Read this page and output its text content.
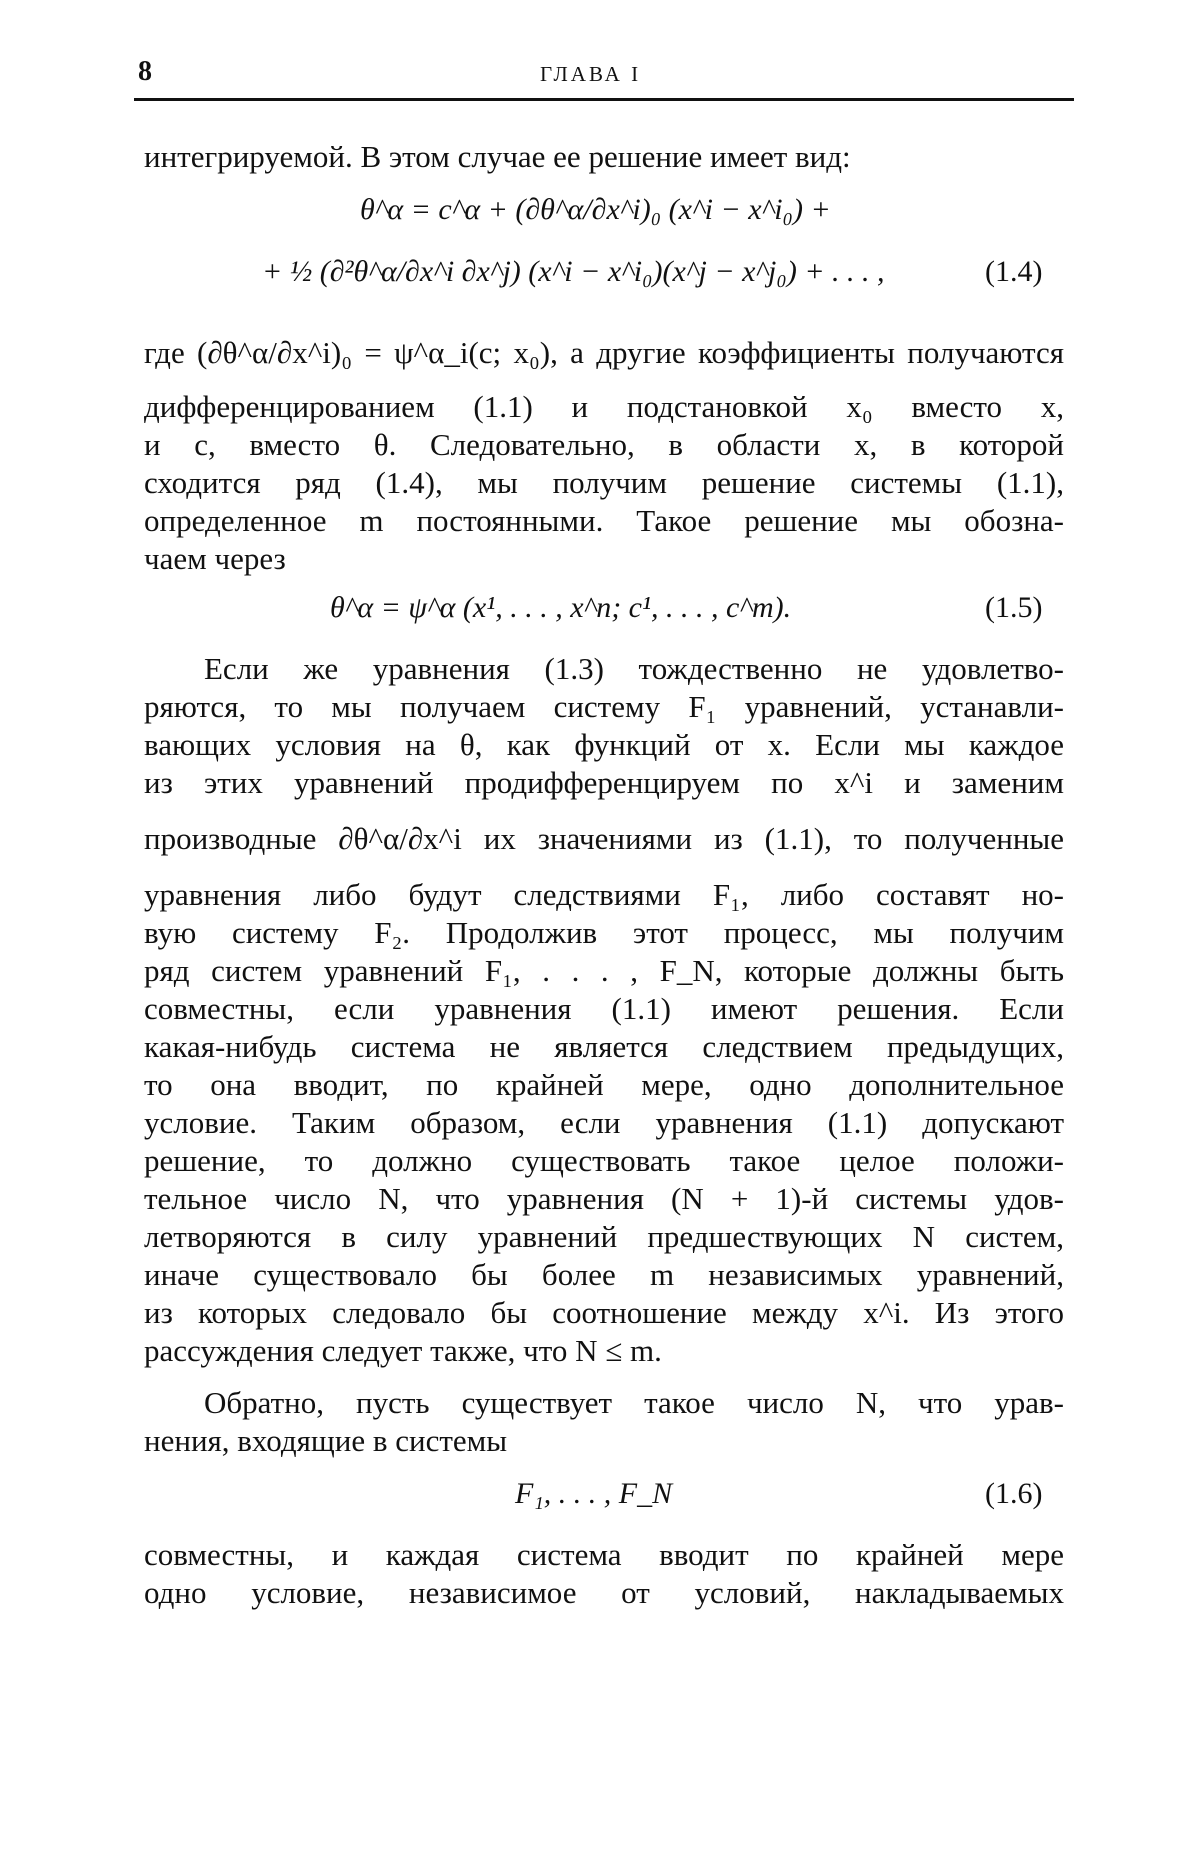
8	ГЛАВА I
интегрируемой. В этом случае ее решение имеет вид:
θ^α = c^α + (∂θ^α/∂x^i)₀ (x^i − x^i₀) +
+ ½ (∂²θ^α/∂x^i ∂x^j) (x^i − x^i₀)(x^j − x^j₀) + . . . ,	(1.4)
где (∂θ^α/∂x^i)₀ = ψ^α_i(c; x₀), а другие коэффициенты получаются
дифференцированием (1.1) и подстановкой x₀ вместо x,
и c, вместо θ. Следовательно, в области x, в которой
сходится ряд (1.4), мы получим решение системы (1.1),
определенное m постоянными. Такое решение мы обозна-
чаем через
θ^α = ψ^α (x¹, . . . , x^n; c¹, . . . , c^m).	(1.5)
Если же уравнения (1.3) тождественно не удовлетво-
ряются, то мы получаем систему F₁ уравнений, устанавли-
вающих условия на θ, как функций от x. Если мы каждое
из этих уравнений продифференцируем по x^i и заменим
производные ∂θ^α/∂x^i их значениями из (1.1), то полученные
уравнения либо будут следствиями F₁, либо составят но-
вую систему F₂. Продолжив этот процесс, мы получим
ряд систем уравнений F₁, . . . , F_N, которые должны быть
совместны, если уравнения (1.1) имеют решения. Если
какая-нибудь система не является следствием предыдущих,
то она вводит, по крайней мере, одно дополнительное
условие. Таким образом, если уравнения (1.1) допускают
решение, то должно существовать такое целое положи-
тельное число N, что уравнения (N + 1)-й системы удов-
летворяются в силу уравнений предшествующих N систем,
иначе существовало бы более m независимых уравнений,
из которых следовало бы соотношение между x^i. Из этого
рассуждения следует также, что N ≤ m.
Обратно, пусть существует такое число N, что урав-
нения, входящие в системы
F₁, . . . , F_N	(1.6)
совместны, и каждая система вводит по крайней мере
одно условие, независимое от условий, накладываемых
